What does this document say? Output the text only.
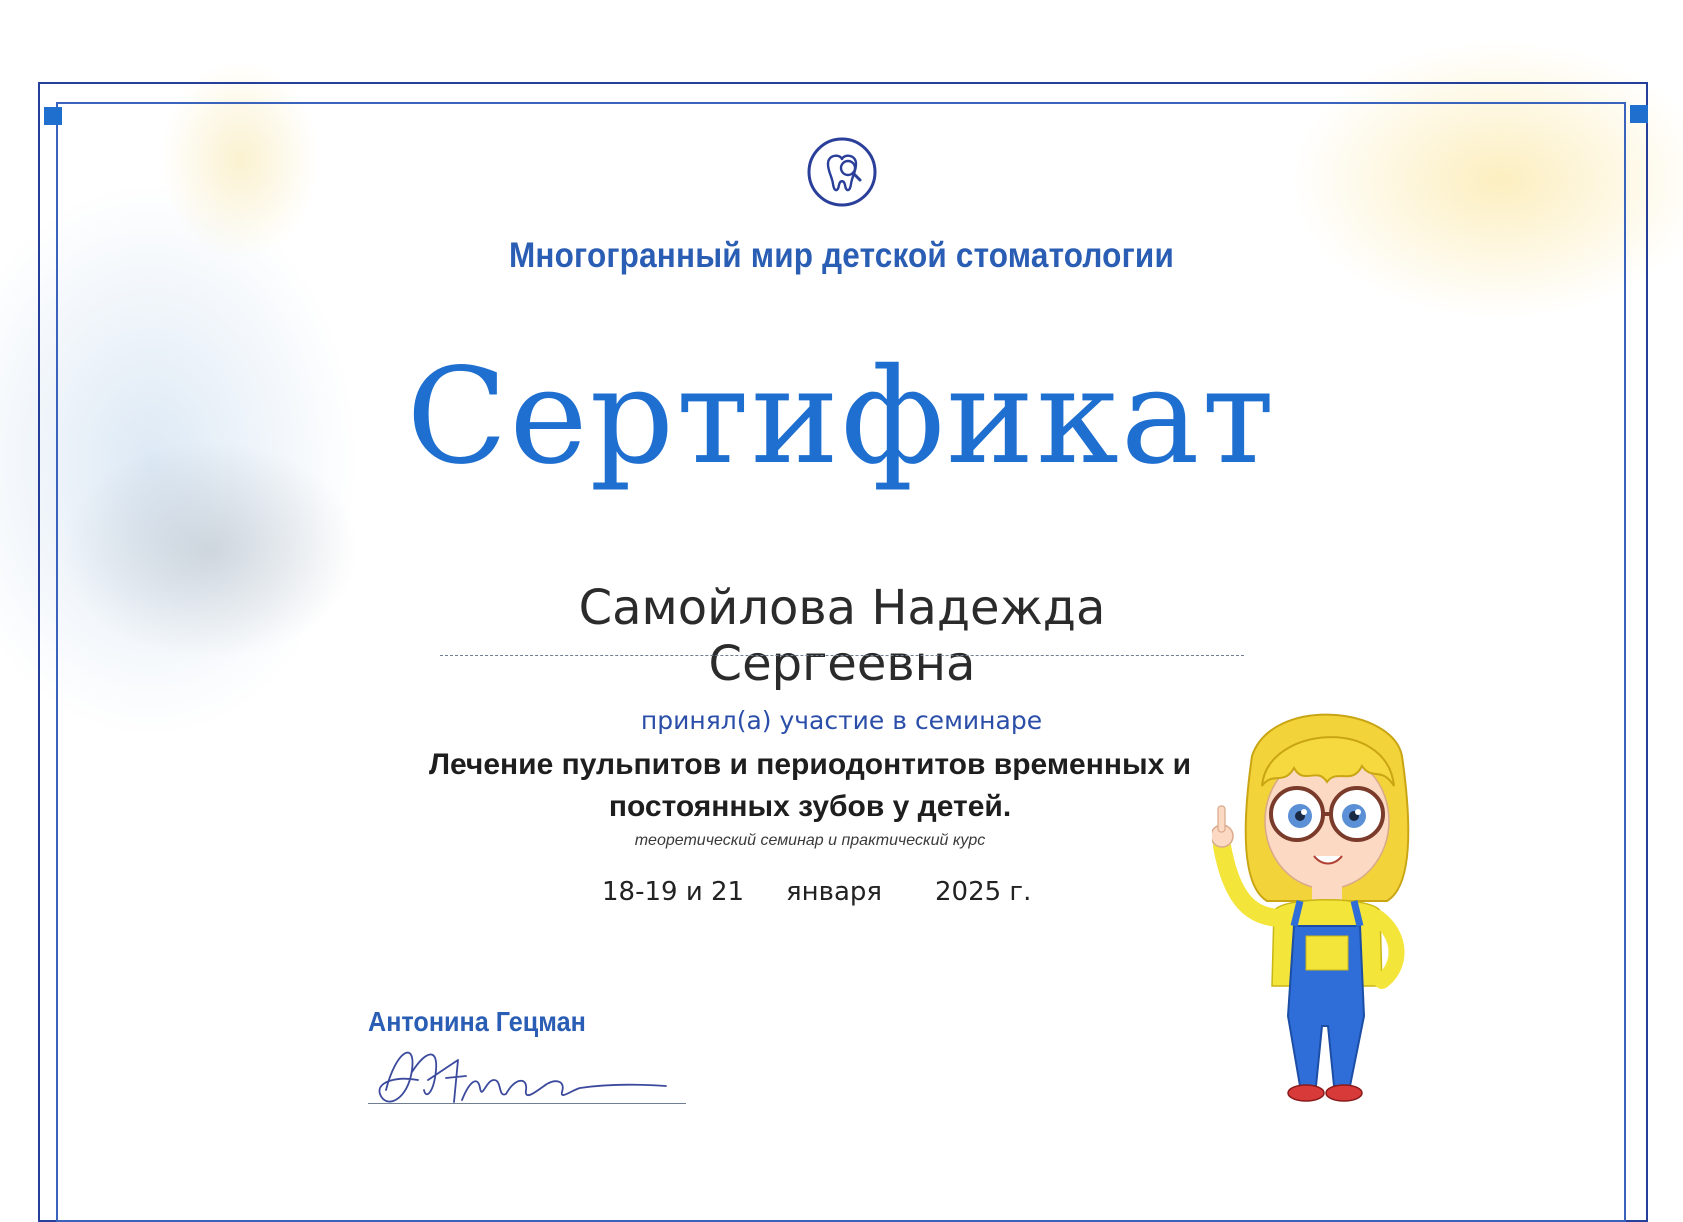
Многогранный мир детской стоматологии
Сертификат
Самойлова Надежда Сергеевна
принял(а) участие в семинаре
Лечение пульпитов и периодонтитов временных и постоянных зубов у детей.
теоретический семинар и практический курс
18-19 и 21 января 2025 г.
Антонина Гецман
